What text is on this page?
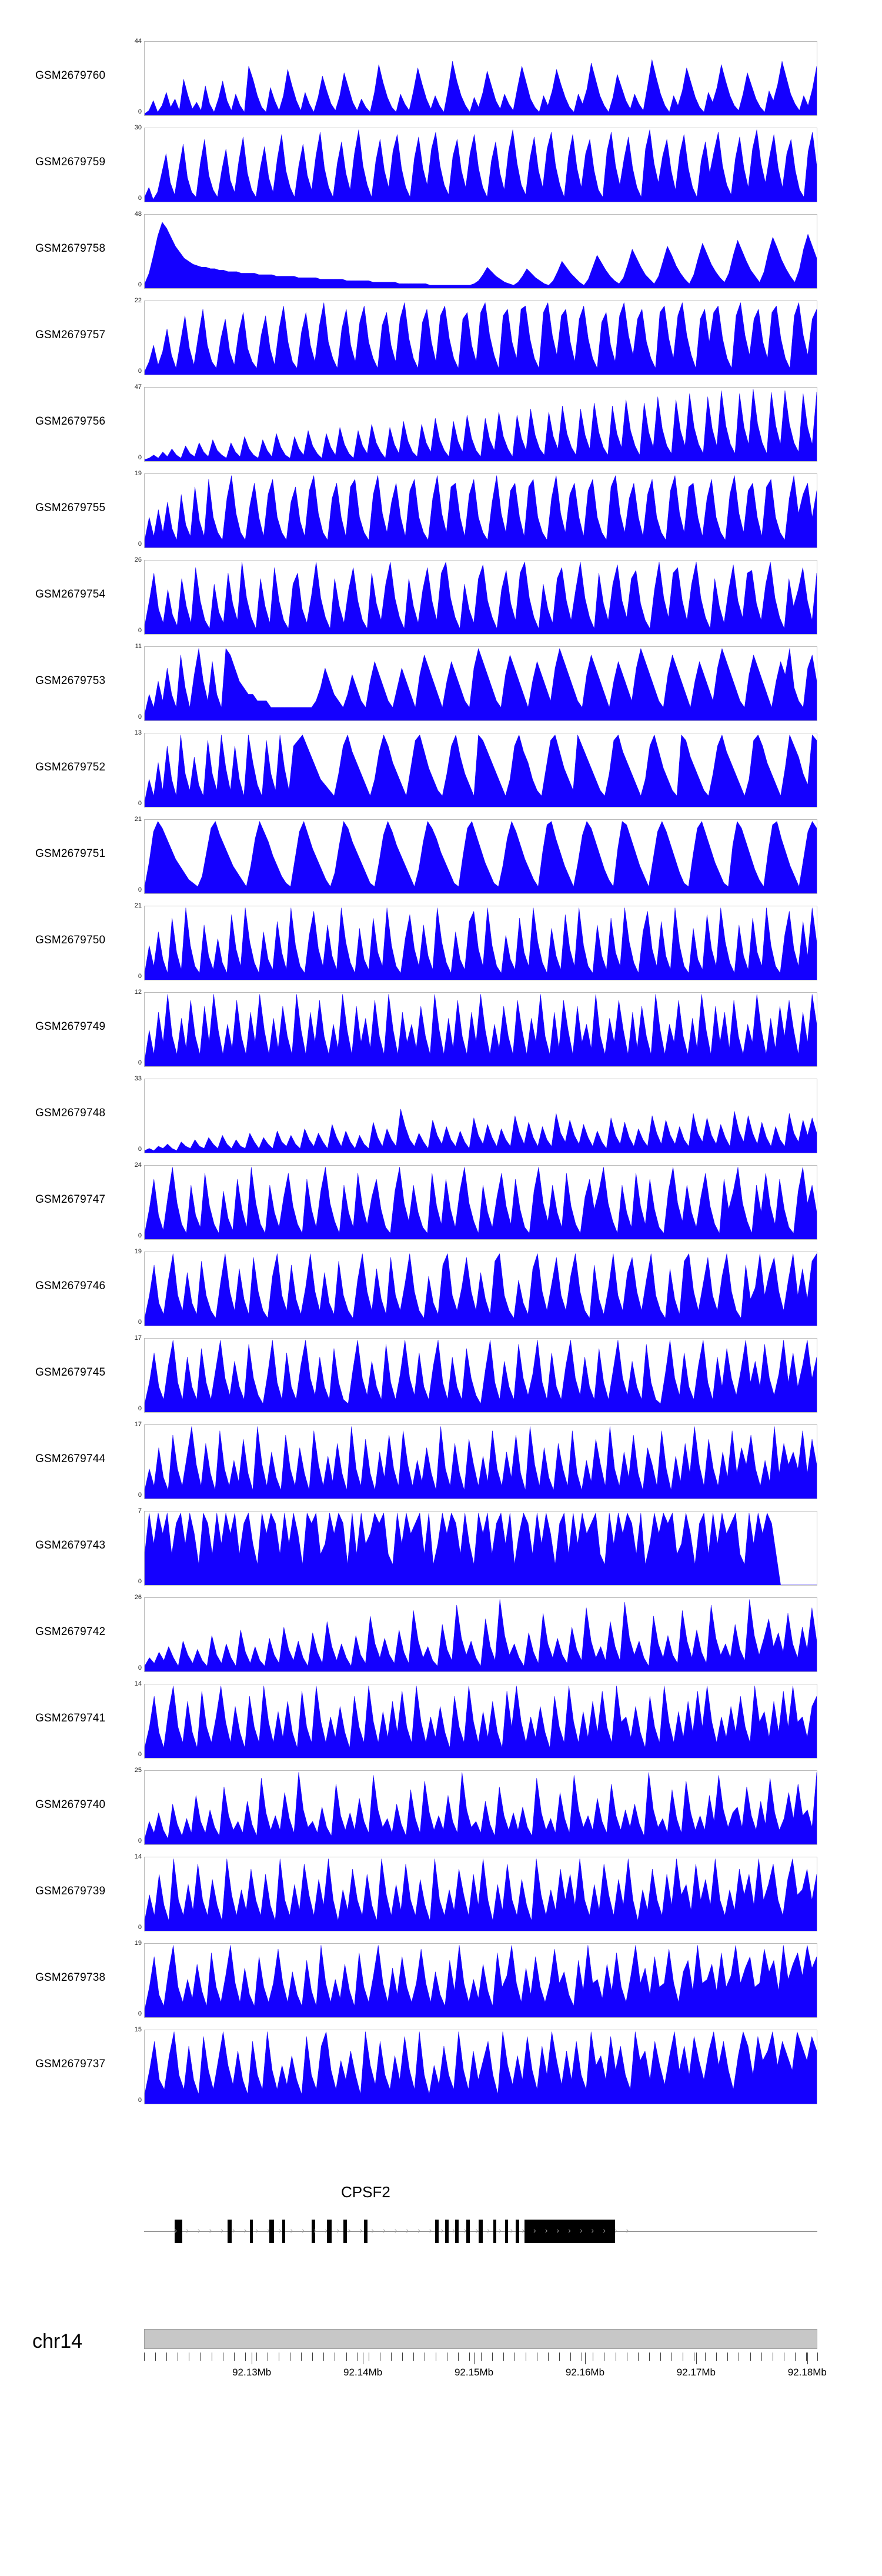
GSM2679760
44
0
GSM2679759
30
0
GSM2679758
48
0
GSM2679757
22
0
GSM2679756
47
0
GSM2679755
19
0
GSM2679754
26
0
GSM2679753
11
0
GSM2679752
13
0
GSM2679751
21
0
GSM2679750
21
0
GSM2679749
12
0
GSM2679748
33
0
GSM2679747
24
0
GSM2679746
19
0
GSM2679745
17
0
GSM2679744
17
0
GSM2679743
7
0
GSM2679742
26
0
GSM2679741
14
0
GSM2679740
25
0
GSM2679739
14
0
GSM2679738
19
0
GSM2679737
15
0
CPSF2
› › › › › › › › › › › › › › › › › › › › › › › › › › › › › › › › › › › › › › › ›
chr14
92.13Mb	92.14Mb	92.15Mb	92.16Mb	92.17Mb	92.18Mb
